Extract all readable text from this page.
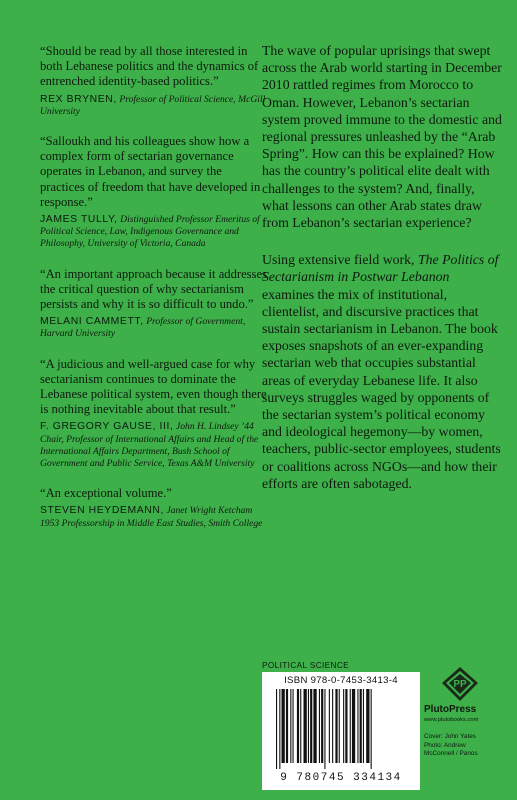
“Should be read by all those interested in both Lebanese politics and the dynamics of entrenched identity-based politics.”

REX BRYNEN, Professor of Political Science, McGill University

“Salloukh and his colleagues show how a complex form of sectarian governance operates in Lebanon, and survey the practices of freedom that have developed in response.”

JAMES TULLY, Distinguished Professor Emeritus of Political Science, Law, Indigenous Governance and Philosophy, University of Victoria, Canada

“An important approach because it addresses the critical question of why sectarianism persists and why it is so difficult to undo.”

MELANI CAMMETT, Professor of Government, Harvard University

“A judicious and well-argued case for why sectarianism continues to dominate the Lebanese political system, even though there is nothing inevitable about that result.”

F. GREGORY GAUSE, III, John H. Lindsey ’44 Chair, Professor of International Affairs and Head of the International Affairs Department, Bush School of Government and Public Service, Texas A&M University

“An exceptional volume.”

STEVEN HEYDEMANN, Janet Wright Ketcham 1953 Professorship in Middle East Studies, Smith College

The wave of popular uprisings that swept across the Arab world starting in December 2010 rattled regimes from Morocco to Oman. However, Lebanon’s sectarian system proved immune to the domestic and regional pressures unleashed by the “Arab Spring”. How can this be explained? How has the country’s political elite dealt with challenges to the system? And, finally, what lessons can other Arab states draw from Lebanon’s sectarian experience?

Using extensive field work, The Politics of Sectarianism in Postwar Lebanon examines the mix of institutional, clientelist, and discursive practices that sustain sectarianism in Lebanon. The book exposes snapshots of an ever-expanding sectarian web that occupies substantial areas of everyday Lebanese life. It also surveys struggles waged by opponents of the sectarian system’s political economy and ideological hegemony—by women, teachers, public-sector employees, students or coalitions across NGOs—and how their efforts are often sabotaged.

POLITICAL SCIENCE
ISBN 978-0-7453-3413-4
9 780745 334134
PP
PlutoPress
www.plutobooks.com
Cover: John Yates
Photo: Andrew
McConnell / Panos
